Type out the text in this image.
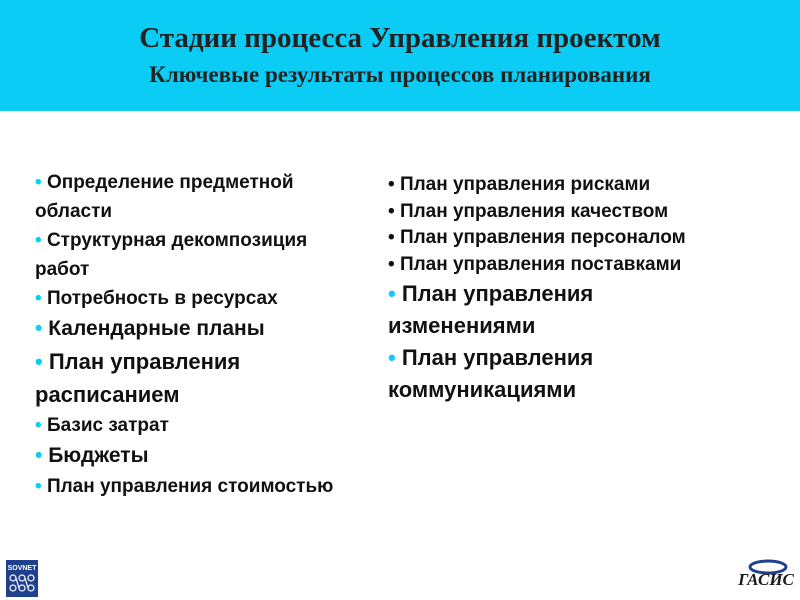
Стадии процесса Управления проектом
Ключевые результаты процессов планирования
• Определение предметной области
• Структурная декомпозиция работ
• Потребность в ресурсах
• Календарные планы
• План управления расписанием
• Базис затрат
• Бюджеты
• План управления стоимостью
• План управления рисками
• План управления качеством
• План управления персоналом
• План управления поставками
• План управления изменениями
• План управления коммуникациями
SOVNET
ГАСИС
